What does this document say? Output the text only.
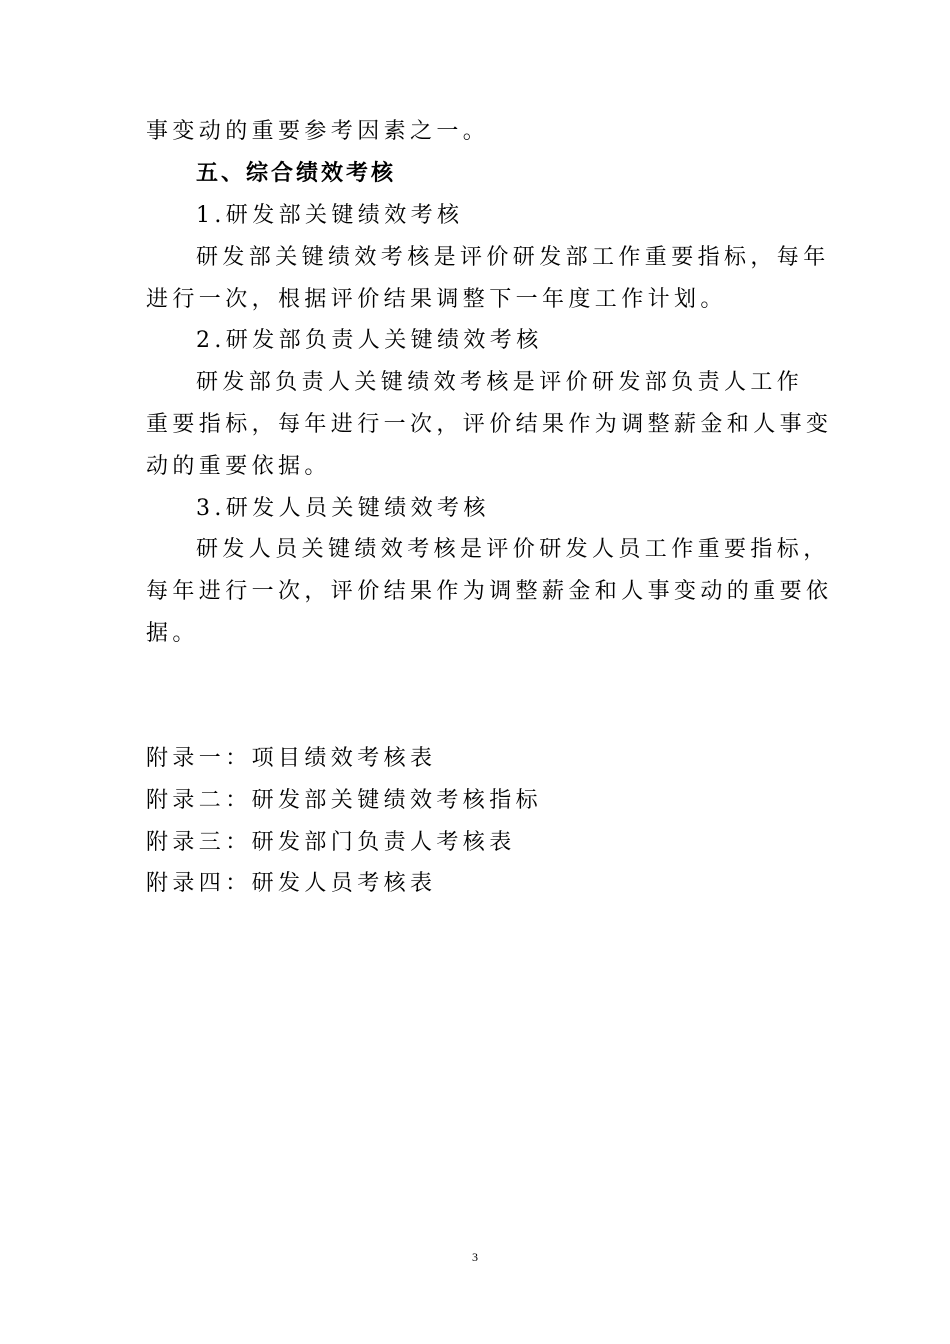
事变动的重要参考因素之一。
五、综合绩效考核
1.研发部关键绩效考核
研发部关键绩效考核是评价研发部工作重要指标，每年
进行一次，根据评价结果调整下一年度工作计划。
2.研发部负责人关键绩效考核
研发部负责人关键绩效考核是评价研发部负责人工作
重要指标，每年进行一次，评价结果作为调整薪金和人事变
动的重要依据。
3.研发人员关键绩效考核
研发人员关键绩效考核是评价研发人员工作重要指标，
每年进行一次，评价结果作为调整薪金和人事变动的重要依
据。
附录一：项目绩效考核表
附录二：研发部关键绩效考核指标
附录三：研发部门负责人考核表
附录四：研发人员考核表
3
